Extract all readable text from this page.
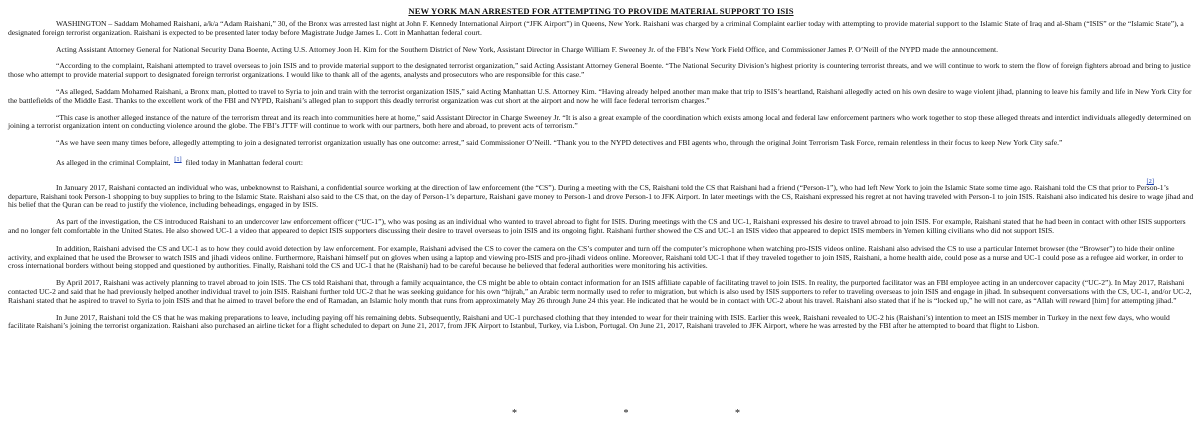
NEW YORK MAN ARRESTED FOR ATTEMPTING TO PROVIDE MATERIAL SUPPORT TO ISIS

WASHINGTON – Saddam Mohamed Raishani, a/k/a “Adam Raishani,” 30, of the Bronx was arrested last night at John F. Kennedy International Airport (“JFK Airport”) in Queens, New York. Raishani was charged by a criminal Complaint earlier today with attempting to provide material support to the Islamic State of Iraq and al-Sham (“ISIS” or the “Islamic State”), a designated foreign terrorist organization. Raishani is expected to be presented later today before Magistrate Judge James L. Cott in Manhattan federal court.

Acting Assistant Attorney General for National Security Dana Boente, Acting U.S. Attorney Joon H. Kim for the Southern District of New York, Assistant Director in Charge William F. Sweeney Jr. of the FBI’s New York Field Office, and Commissioner James P. O’Neill of the NYPD made the announcement.

“According to the complaint, Raishani attempted to travel overseas to join ISIS and to provide material support to the designated terrorist organization,” said Acting Assistant Attorney General Boente. “The National Security Division’s highest priority is countering terrorist threats, and we will continue to work to stem the flow of foreign fighters abroad and bring to justice those who attempt to provide material support to designated foreign terrorist organizations. I would like to thank all of the agents, analysts and prosecutors who are responsible for this case.”

“As alleged, Saddam Mohamed Raishani, a Bronx man, plotted to travel to Syria to join and train with the terrorist organization ISIS,” said Acting Manhattan U.S. Attorney Kim. “Having already helped another man make that trip to ISIS’s heartland, Raishani allegedly acted on his own desire to wage violent jihad, planning to leave his family and life in New York City for the battlefields of the Middle East. Thanks to the excellent work of the FBI and NYPD, Raishani’s alleged plan to support this deadly terrorist organization was cut short at the airport and now he will face federal terrorism charges.”

“This case is another alleged instance of the nature of the terrorism threat and its reach into communities here at home,” said Assistant Director in Charge Sweeney Jr. “It is also a great example of the coordination which exists among local and federal law enforcement partners who work together to stop these alleged threats and interdict individuals allegedly determined on joining a terrorist organization intent on conducting violence around the globe. The FBI’s JTTF will continue to work with our partners, both here and abroad, to prevent acts of terrorism.”

“As we have seen many times before, allegedly attempting to join a designated terrorist organization usually has one outcome: arrest,” said Commissioner O’Neill. “Thank you to the NYPD detectives and FBI agents who, through the original Joint Terrorism Task Force, remain relentless in their focus to keep New York City safe.”

As alleged in the criminal Complaint, [1] filed today in Manhattan federal court:

[2]

In January 2017, Raishani contacted an individual who was, unbeknownst to Raishani, a confidential source working at the direction of law enforcement (the “CS”). During a meeting with the CS, Raishani told the CS that Raishani had a friend (“Person-1”), who had left New York to join the Islamic State some time ago. Raishani told the CS that prior to Person-1’s departure, Raishani took Person-1 shopping to buy supplies to bring to the Islamic State. Raishani also said to the CS that, on the day of Person-1’s departure, Raishani gave money to Person-1 and drove Person-1 to JFK Airport. In later meetings with the CS, Raishani expressed his regret at not having traveled with Person-1 to join ISIS. Raishani also indicated his desire to wage jihad and his belief that the Quran can be read to justify the violence, including beheadings, engaged in by ISIS.

As part of the investigation, the CS introduced Raishani to an undercover law enforcement officer (“UC-1”), who was posing as an individual who wanted to travel abroad to fight for ISIS. During meetings with the CS and UC-1, Raishani expressed his desire to travel abroad to join ISIS. For example, Raishani stated that he had been in contact with other ISIS supporters and no longer felt comfortable in the United States. He also showed UC-1 a video that appeared to depict ISIS supporters discussing their desire to travel overseas to join ISIS and its ongoing fight. Raishani further showed the CS and UC-1 an ISIS video that appeared to depict ISIS members in Yemen killing civilians who did not support ISIS.

In addition, Raishani advised the CS and UC-1 as to how they could avoid detection by law enforcement. For example, Raishani advised the CS to cover the camera on the CS’s computer and turn off the computer’s microphone when watching pro-ISIS videos online. Raishani also advised the CS to use a particular Internet browser (the “Browser”) to hide their online activity, and explained that he used the Browser to watch ISIS and jihadi videos online. Furthermore, Raishani himself put on gloves when using a laptop and viewing pro-ISIS and pro-jihadi videos online. Moreover, Raishani told UC-1 that if they traveled together to join ISIS, Raishani, a home health aide, could pose as a nurse and UC-1 could pose as a refugee aid worker, in order to cross international borders without being stopped and questioned by authorities. Finally, Raishani told the CS and UC-1 that he (Raishani) had to be careful because he believed that federal authorities were monitoring his activities.

By April 2017, Raishani was actively planning to travel abroad to join ISIS. The CS told Raishani that, through a family acquaintance, the CS might be able to obtain contact information for an ISIS affiliate capable of facilitating travel to join ISIS. In reality, the purported facilitator was an FBI employee acting in an undercover capacity (“UC-2”). In May 2017, Raishani contacted UC-2 and said that he had previously helped another individual travel to join ISIS. Raishani further told UC-2 that he was seeking guidance for his own “hijrah,” an Arabic term normally used to refer to migration, but which is also used by ISIS supporters to refer to traveling overseas to join ISIS and engage in jihad. In subsequent conversations with the CS, UC-1, and/or UC-2, Raishani stated that he aspired to travel to Syria to join ISIS and that he aimed to travel before the end of Ramadan, an Islamic holy month that runs from approximately May 26 through June 24 this year. He indicated that he would be in contact with UC-2 about his travel. Raishani also stated that if he is “locked up,” he will not care, as “Allah will reward [him] for attempting jihad.”

In June 2017, Raishani told the CS that he was making preparations to leave, including paying off his remaining debts. Subsequently, Raishani and UC-1 purchased clothing that they intended to wear for their training with ISIS. Earlier this week, Raishani revealed to UC-2 his (Raishani’s) intention to meet an ISIS member in Turkey in the next few days, who would facilitate Raishani’s joining the terrorist organization. Raishani also purchased an airline ticket for a flight scheduled to depart on June 21, 2017, from JFK Airport to Istanbul, Turkey, via Lisbon, Portugal. On June 21, 2017, Raishani traveled to JFK Airport, where he was arrested by the FBI after he attempted to board that flight to Lisbon.

* * *
